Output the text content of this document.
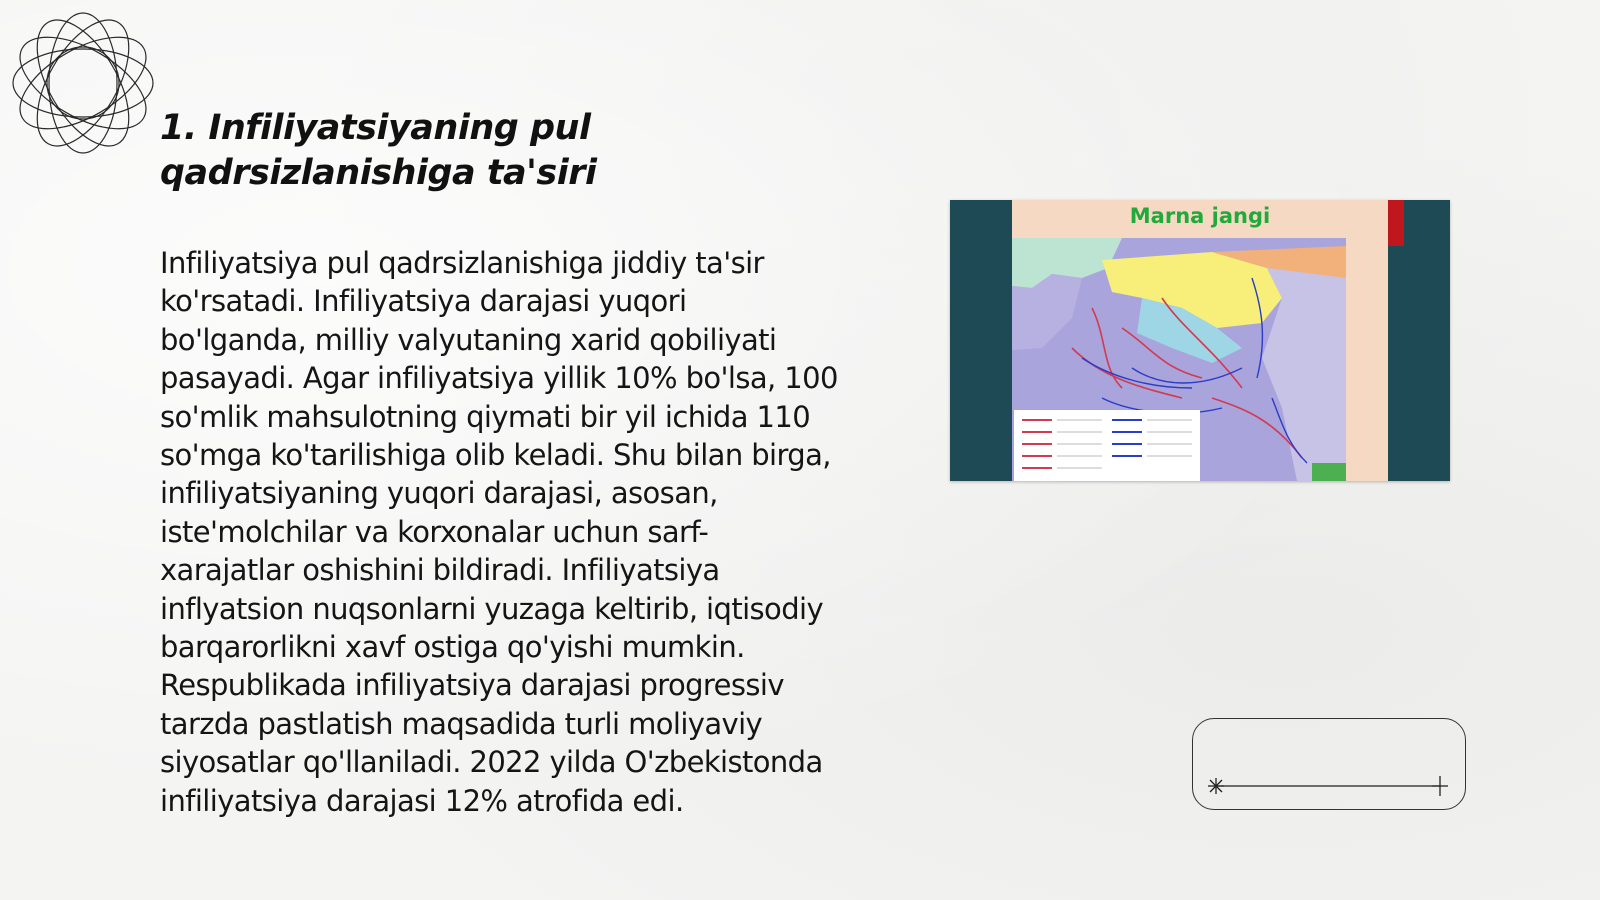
1. Infiliyatsiyaning pul qadrsizlanishiga ta'siri

Infiliyatsiya pul qadrsizlanishiga jiddiy ta'sir ko'rsatadi. Infiliyatsiya darajasi yuqori bo'lganda, milliy valyutaning xarid qobiliyati pasayadi. Agar infiliyatsiya yillik 10% bo'lsa, 100 so'mlik mahsulotning qiymati bir yil ichida 110 so'mga ko'tarilishiga olib keladi. Shu bilan birga, infiliyatsiyaning yuqori darajasi, asosan, iste'molchilar va korxonalar uchun sarf-xarajatlar oshishini bildiradi. Infiliyatsiya inflyatsion nuqsonlarni yuzaga keltirib, iqtisodiy barqarorlikni xavf ostiga qo'yishi mumkin. Respublikada infiliyatsiya darajasi progressiv tarzda pastlatish maqsadida turli moliyaviy siyosatlar qo'llaniladi. 2022 yilda O'zbekistonda infiliyatsiya darajasi 12% atrofida edi.

Marna jangi
